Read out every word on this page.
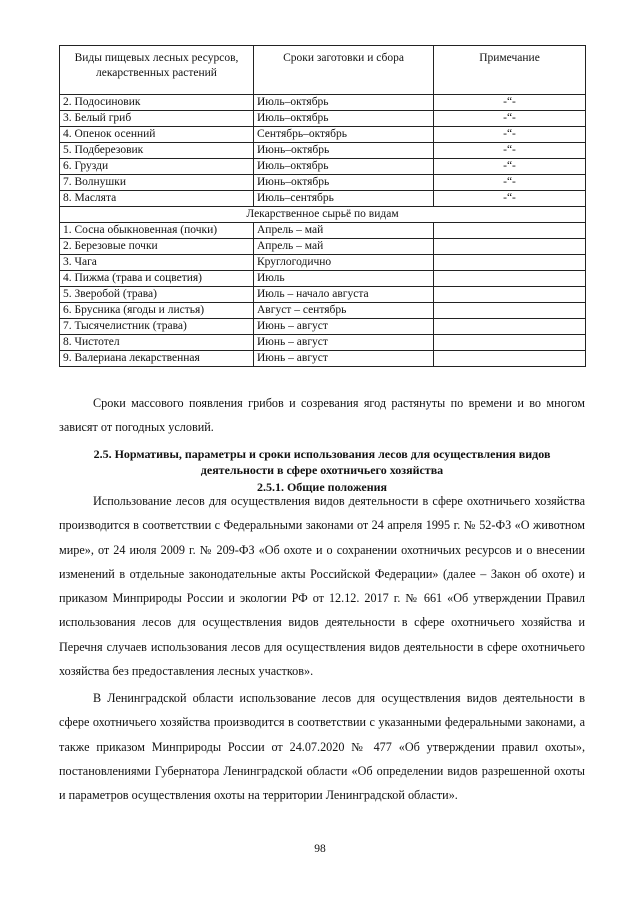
Виды пищевых лесных ресурсов, лекарственных растений	Сроки заготовки и сбора	Примечание
2. Подосиновик	Июль–октябрь	-“-
3. Белый гриб	Июль–октябрь	-“-
4. Опенок осенний	Сентябрь–октябрь	-“-
5. Подберезовик	Июнь–октябрь	-“-
6. Грузди	Июль–октябрь	-“-
7. Волнушки	Июнь–октябрь	-“-
8. Маслята	Июль–сентябрь	-“-
Лекарственное сырьё по видам		
1. Сосна обыкновенная (почки)	Апрель – май	
2. Березовые почки	Апрель – май	
3. Чага	Круглогодично	
4. Пижма (трава и соцветия)	Июль	
5. Зверобой (трава)	Июль – начало августа	
6. Брусника (ягоды и листья)	Август – сентябрь	
7. Тысячелистник (трава)	Июнь – август	
8. Чистотел	Июнь – август	
9. Валериана лекарственная	Июнь – август	

Сроки массового появления грибов и созревания ягод растянуты по времени и во многом зависят от погодных условий.

2.5. Нормативы, параметры и сроки использования лесов для осуществления видов деятельности в сфере охотничьего хозяйства

2.5.1. Общие положения

Использование лесов для осуществления видов деятельности в сфере охотничьего хозяйства производится в соответствии с Федеральными законами от 24 апреля 1995 г. № 52-ФЗ «О животном мире», от 24 июля 2009 г. № 209-ФЗ «Об охоте и о сохранении охотничьих ресурсов и о внесении изменений в отдельные законодательные акты Российской Федерации» (далее – Закон об охоте) и приказом Минприроды России и экологии РФ от 12.12. 2017 г. № 661 «Об утверждении Правил использования лесов для осуществления видов деятельности в сфере охотничьего хозяйства и Перечня случаев использования лесов для осуществления видов деятельности в сфере охотничьего хозяйства без предоставления лесных участков».

В Ленинградской области использование лесов для осуществления видов деятельности в сфере охотничьего хозяйства производится в соответствии с указанными федеральными законами, а также приказом Минприроды России от 24.07.2020 № 477 «Об утверждении правил охоты», постановлениями Губернатора Ленинградской области «Об определении видов разрешенной охоты и параметров осуществления охоты на территории Ленинградской области».

98
